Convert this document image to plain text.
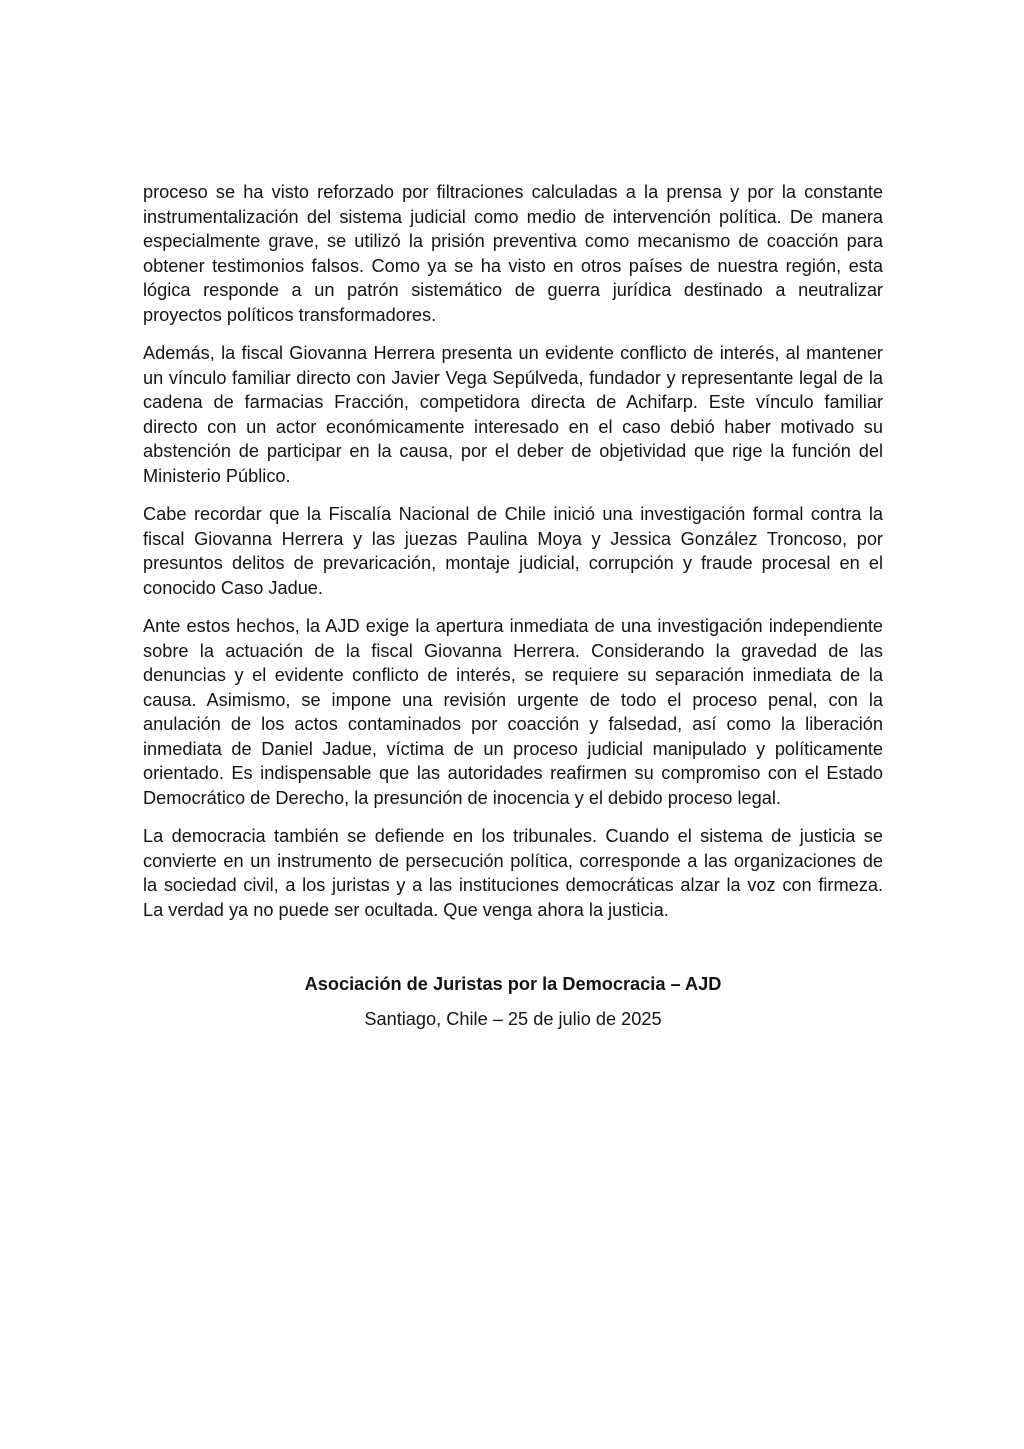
proceso se ha visto reforzado por filtraciones calculadas a la prensa y por la constante instrumentalización del sistema judicial como medio de intervención política. De manera especialmente grave, se utilizó la prisión preventiva como mecanismo de coacción para obtener testimonios falsos. Como ya se ha visto en otros países de nuestra región, esta lógica responde a un patrón sistemático de guerra jurídica destinado a neutralizar proyectos políticos transformadores.

Además, la fiscal Giovanna Herrera presenta un evidente conflicto de interés, al mantener un vínculo familiar directo con Javier Vega Sepúlveda, fundador y representante legal de la cadena de farmacias Fracción, competidora directa de Achifarp. Este vínculo familiar directo con un actor económicamente interesado en el caso debió haber motivado su abstención de participar en la causa, por el deber de objetividad que rige la función del Ministerio Público.

Cabe recordar que la Fiscalía Nacional de Chile inició una investigación formal contra la fiscal Giovanna Herrera y las juezas Paulina Moya y Jessica González Troncoso, por presuntos delitos de prevaricación, montaje judicial, corrupción y fraude procesal en el conocido Caso Jadue.

Ante estos hechos, la AJD exige la apertura inmediata de una investigación independiente sobre la actuación de la fiscal Giovanna Herrera. Considerando la gravedad de las denuncias y el evidente conflicto de interés, se requiere su separación inmediata de la causa. Asimismo, se impone una revisión urgente de todo el proceso penal, con la anulación de los actos contaminados por coacción y falsedad, así como la liberación inmediata de Daniel Jadue, víctima de un proceso judicial manipulado y políticamente orientado. Es indispensable que las autoridades reafirmen su compromiso con el Estado Democrático de Derecho, la presunción de inocencia y el debido proceso legal.

La democracia también se defiende en los tribunales. Cuando el sistema de justicia se convierte en un instrumento de persecución política, corresponde a las organizaciones de la sociedad civil, a los juristas y a las instituciones democráticas alzar la voz con firmeza. La verdad ya no puede ser ocultada. Que venga ahora la justicia.

Asociación de Juristas por la Democracia – AJD

Santiago, Chile – 25 de julio de 2025
